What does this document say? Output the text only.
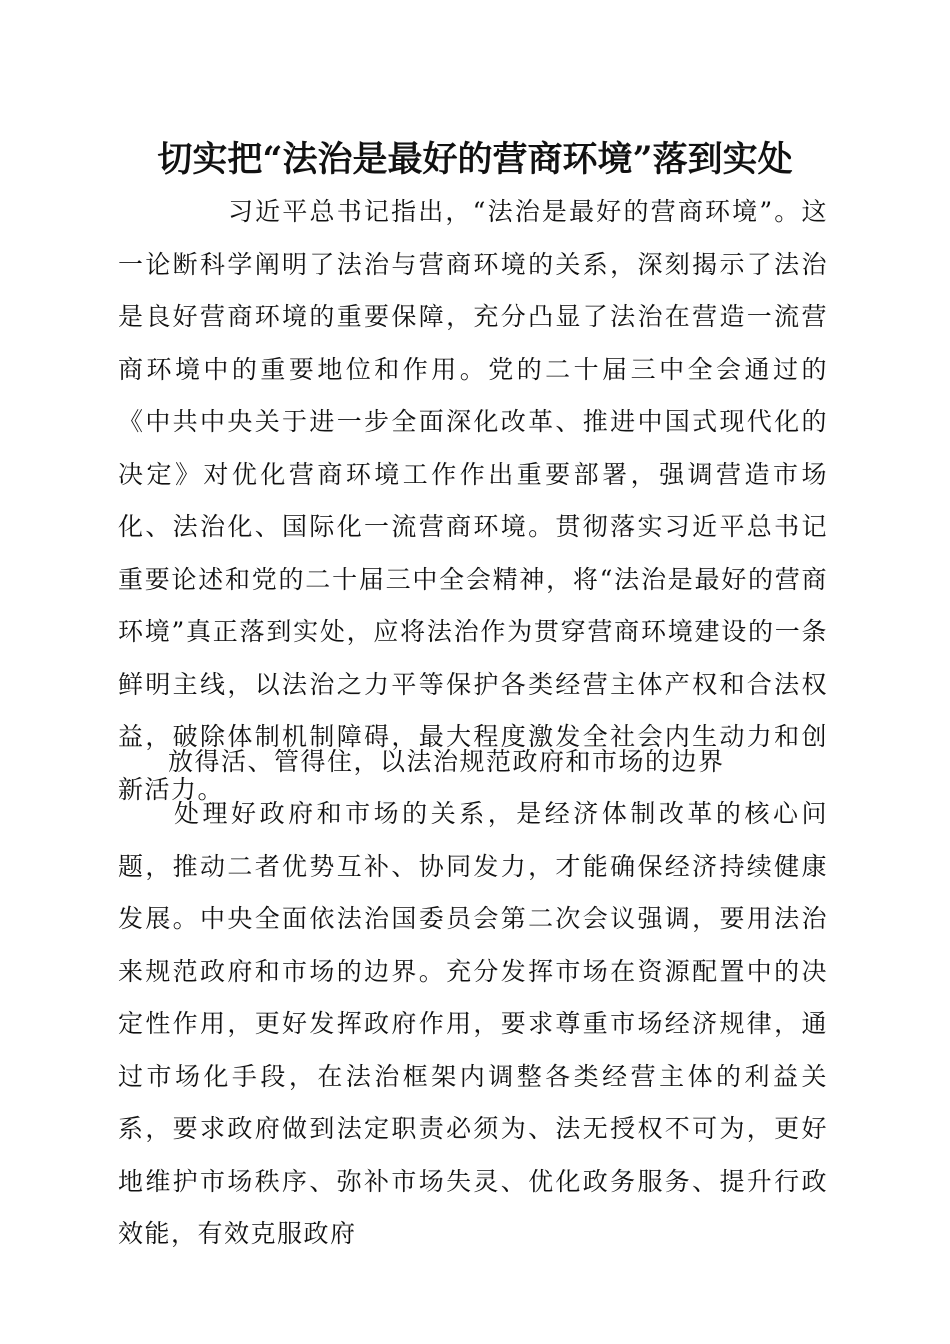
切实把“法治是最好的营商环境”落到实处

习近平总书记指出，“法治是最好的营商环境”。这一论断科学阐明了法治与营商环境的关系，深刻揭示了法治是良好营商环境的重要保障，充分凸显了法治在营造一流营商环境中的重要地位和作用。党的二十届三中全会通过的《中共中央关于进一步全面深化改革、推进中国式现代化的决定》对优化营商环境工作作出重要部署，强调营造市场化、法治化、国际化一流营商环境。贯彻落实习近平总书记重要论述和党的二十届三中全会精神，将“法治是最好的营商环境”真正落到实处，应将法治作为贯穿营商环境建设的一条鲜明主线，以法治之力平等保护各类经营主体产权和合法权益，破除体制机制障碍，最大程度激发全社会内生动力和创新活力。

放得活、管得住，以法治规范政府和市场的边界

处理好政府和市场的关系，是经济体制改革的核心问题，推动二者优势互补、协同发力，才能确保经济持续健康发展。中央全面依法治国委员会第二次会议强调，要用法治来规范政府和市场的边界。充分发挥市场在资源配置中的决定性作用，更好发挥政府作用，要求尊重市场经济规律，通过市场化手段，在法治框架内调整各类经营主体的利益关系，要求政府做到法定职责必须为、法无授权不可为，更好地维护市场秩序、弥补市场失灵、优化政务服务、提升行政效能，有效克服政府
